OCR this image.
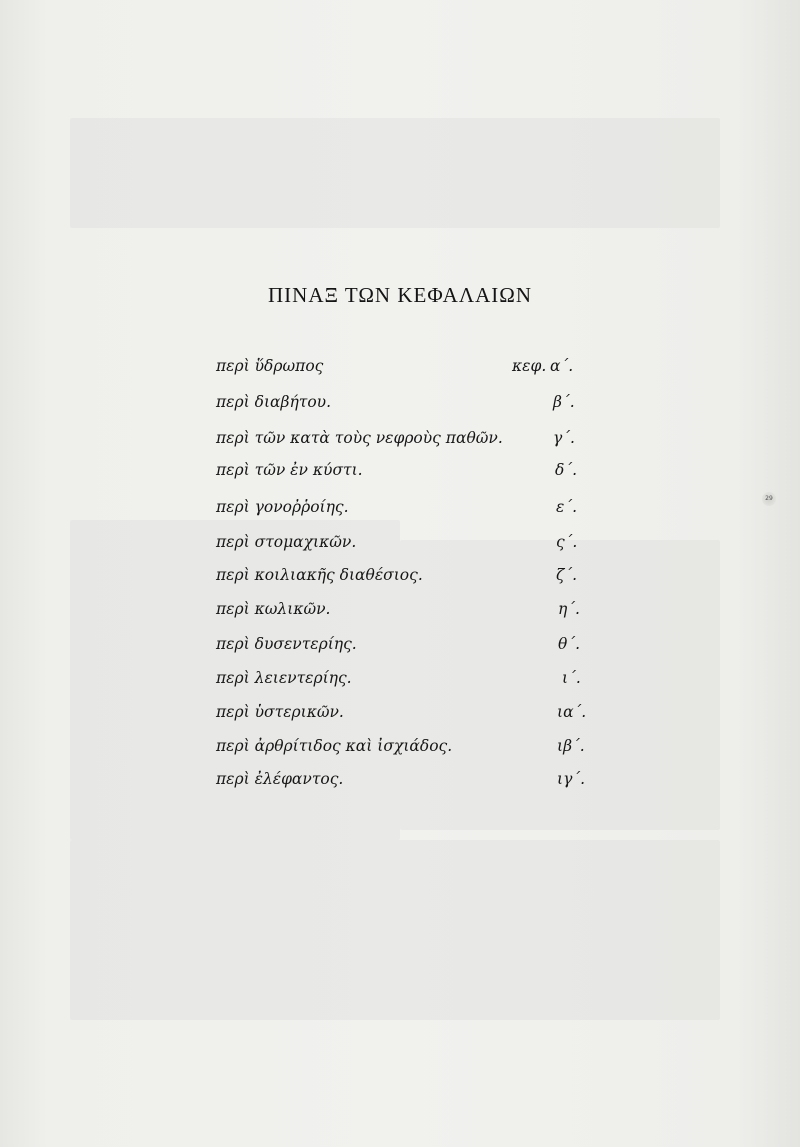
ΠΙΝΑΞ ΤΩΝ ΚΕΦΑΛΑΙΩΝ
κεφ.
περὶ ὕδρωπος	α΄.
περὶ διαβήτου.	β΄.
περὶ τῶν κατὰ τοὺς νεφροὺς παθῶν.	γ΄.
περὶ τῶν ἐν κύστι.	δ΄.
περὶ γονοῤῥοίης.	ε΄.
περὶ στομαχικῶν.	ς΄.
περὶ κοιλιακῆς διαθέσιος.	ζ΄.
περὶ κωλικῶν.	η΄.
περὶ δυσεντερίης.	θ΄.
περὶ λειεντερίης.	ι΄.
περὶ ὑστερικῶν.	ια΄.
περὶ ἀρθρίτιδος καὶ ἰσχιάδος.	ιβ΄.
περὶ ἐλέφαντος.	ιγ΄.
29
